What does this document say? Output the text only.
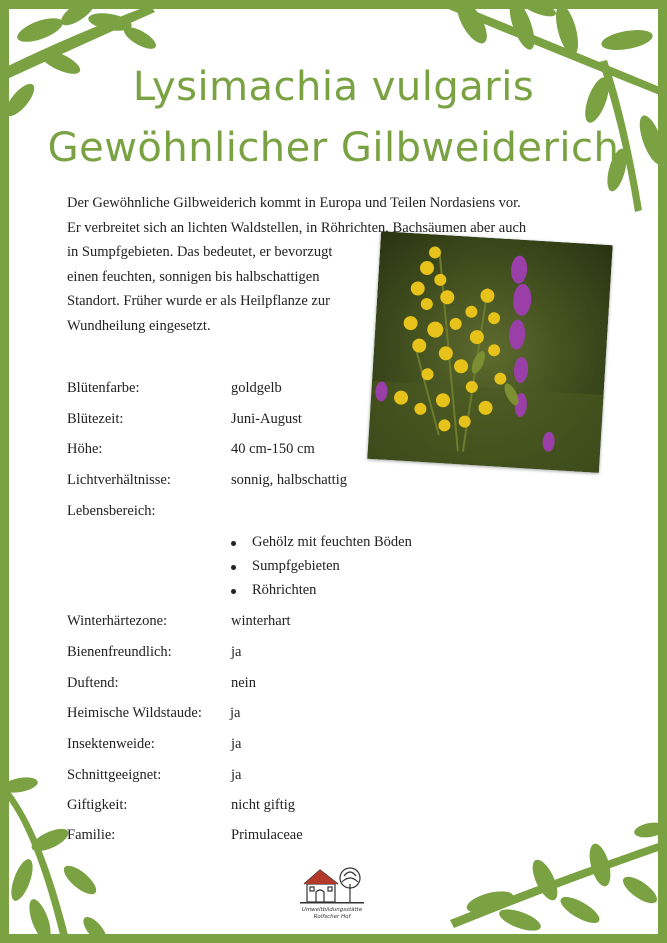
Lysimachia vulgaris
Gewöhnlicher Gilbweiderich
Der Gewöhnliche Gilbweiderich kommt in Europa und Teilen Nordasiens vor.
Er verbreitet sich an lichten Waldstellen, in Röhrichten, Bachsäumen aber auch
in Sumpfgebieten. Das bedeutet, er bevorzugt
einen feuchten, sonnigen bis halbschattigen
Standort. Früher wurde er als Heilpflanze zur
Wundheilung eingesetzt.
Blütenfarbe:	goldgelb
Blütezeit:	Juni-August
Höhe:	40 cm-150 cm
Lichtverhältnisse:	sonnig, halbschattig
Lebensbereich:
Gehölz mit feuchten Böden
Sumpfgebieten
Röhrichten
Winterhärtezone:	winterhart
Bienenfreundlich:	ja
Duftend:	nein
Heimische Wildstaude: ja
Insektenweide:	ja
Schnittgeeignet:	ja
Giftigkeit:	nicht giftig
Familie:	Primulaceae
Umweltbildungsstätte
Rolfscher Hof
